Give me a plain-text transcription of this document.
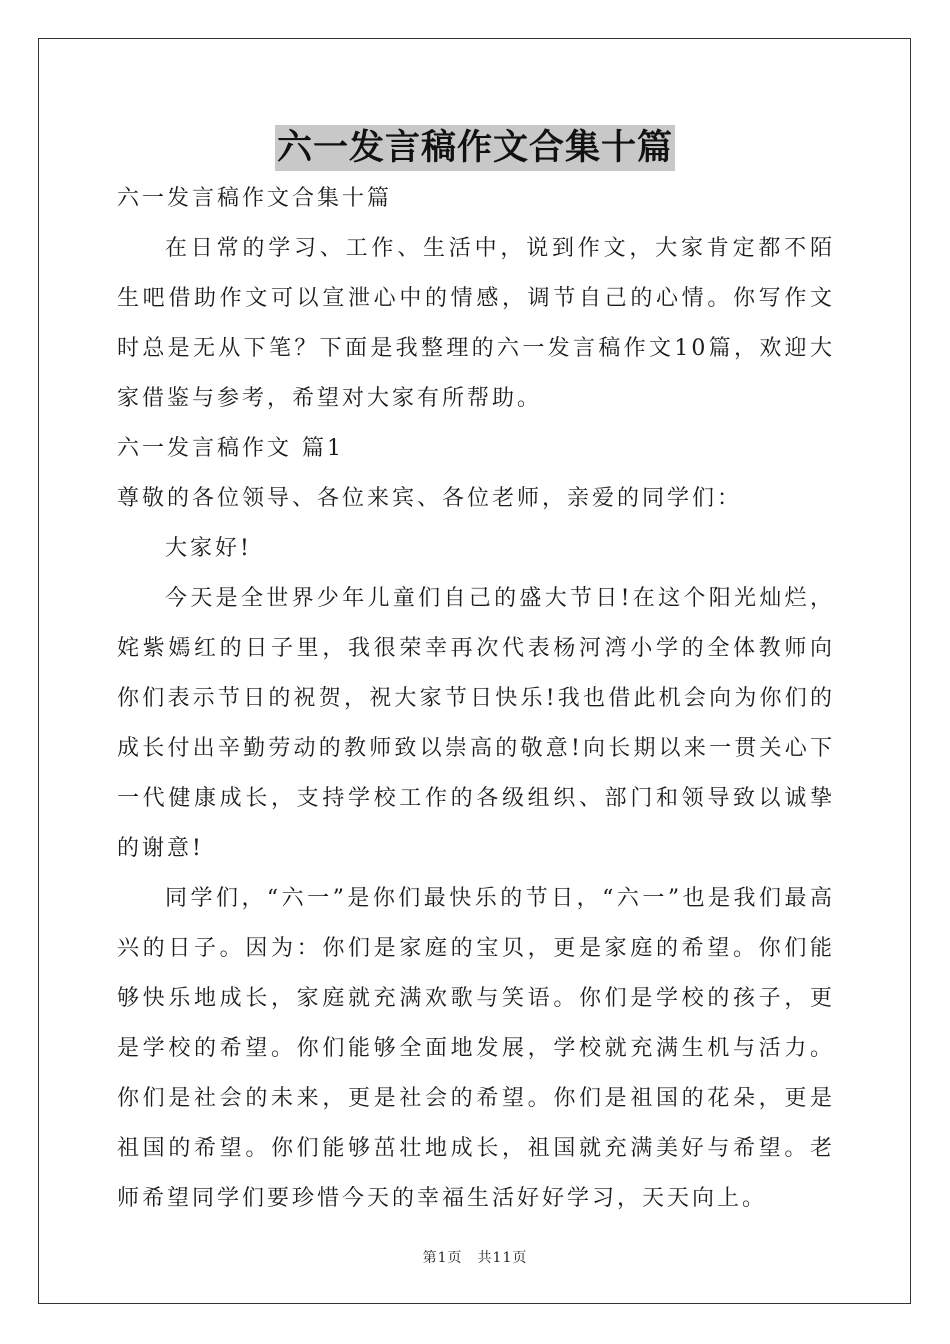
六一发言稿作文合集十篇

六一发言稿作文合集十篇

在日常的学习、工作、生活中，说到作文，大家肯定都不陌生吧借助作文可以宣泄心中的情感，调节自己的心情。你写作文时总是无从下笔？下面是我整理的六一发言稿作文10篇，欢迎大家借鉴与参考，希望对大家有所帮助。

六一发言稿作文 篇1

尊敬的各位领导、各位来宾、各位老师，亲爱的同学们：

大家好!

今天是全世界少年儿童们自己的盛大节日!在这个阳光灿烂，姹紫嫣红的日子里，我很荣幸再次代表杨河湾小学的全体教师向你们表示节日的祝贺，祝大家节日快乐!我也借此机会向为你们的成长付出辛勤劳动的教师致以崇高的敬意!向长期以来一贯关心下一代健康成长，支持学校工作的各级组织、部门和领导致以诚挚的谢意!

同学们，“六一”是你们最快乐的节日，“六一”也是我们最高兴的日子。因为：你们是家庭的宝贝，更是家庭的希望。你们能够快乐地成长，家庭就充满欢歌与笑语。你们是学校的孩子，更是学校的希望。你们能够全面地发展，学校就充满生机与活力。你们是社会的未来，更是社会的希望。你们是祖国的花朵，更是祖国的希望。你们能够茁壮地成长，祖国就充满美好与希望。老师希望同学们要珍惜今天的幸福生活好好学习，天天向上。

第1页　共11页
